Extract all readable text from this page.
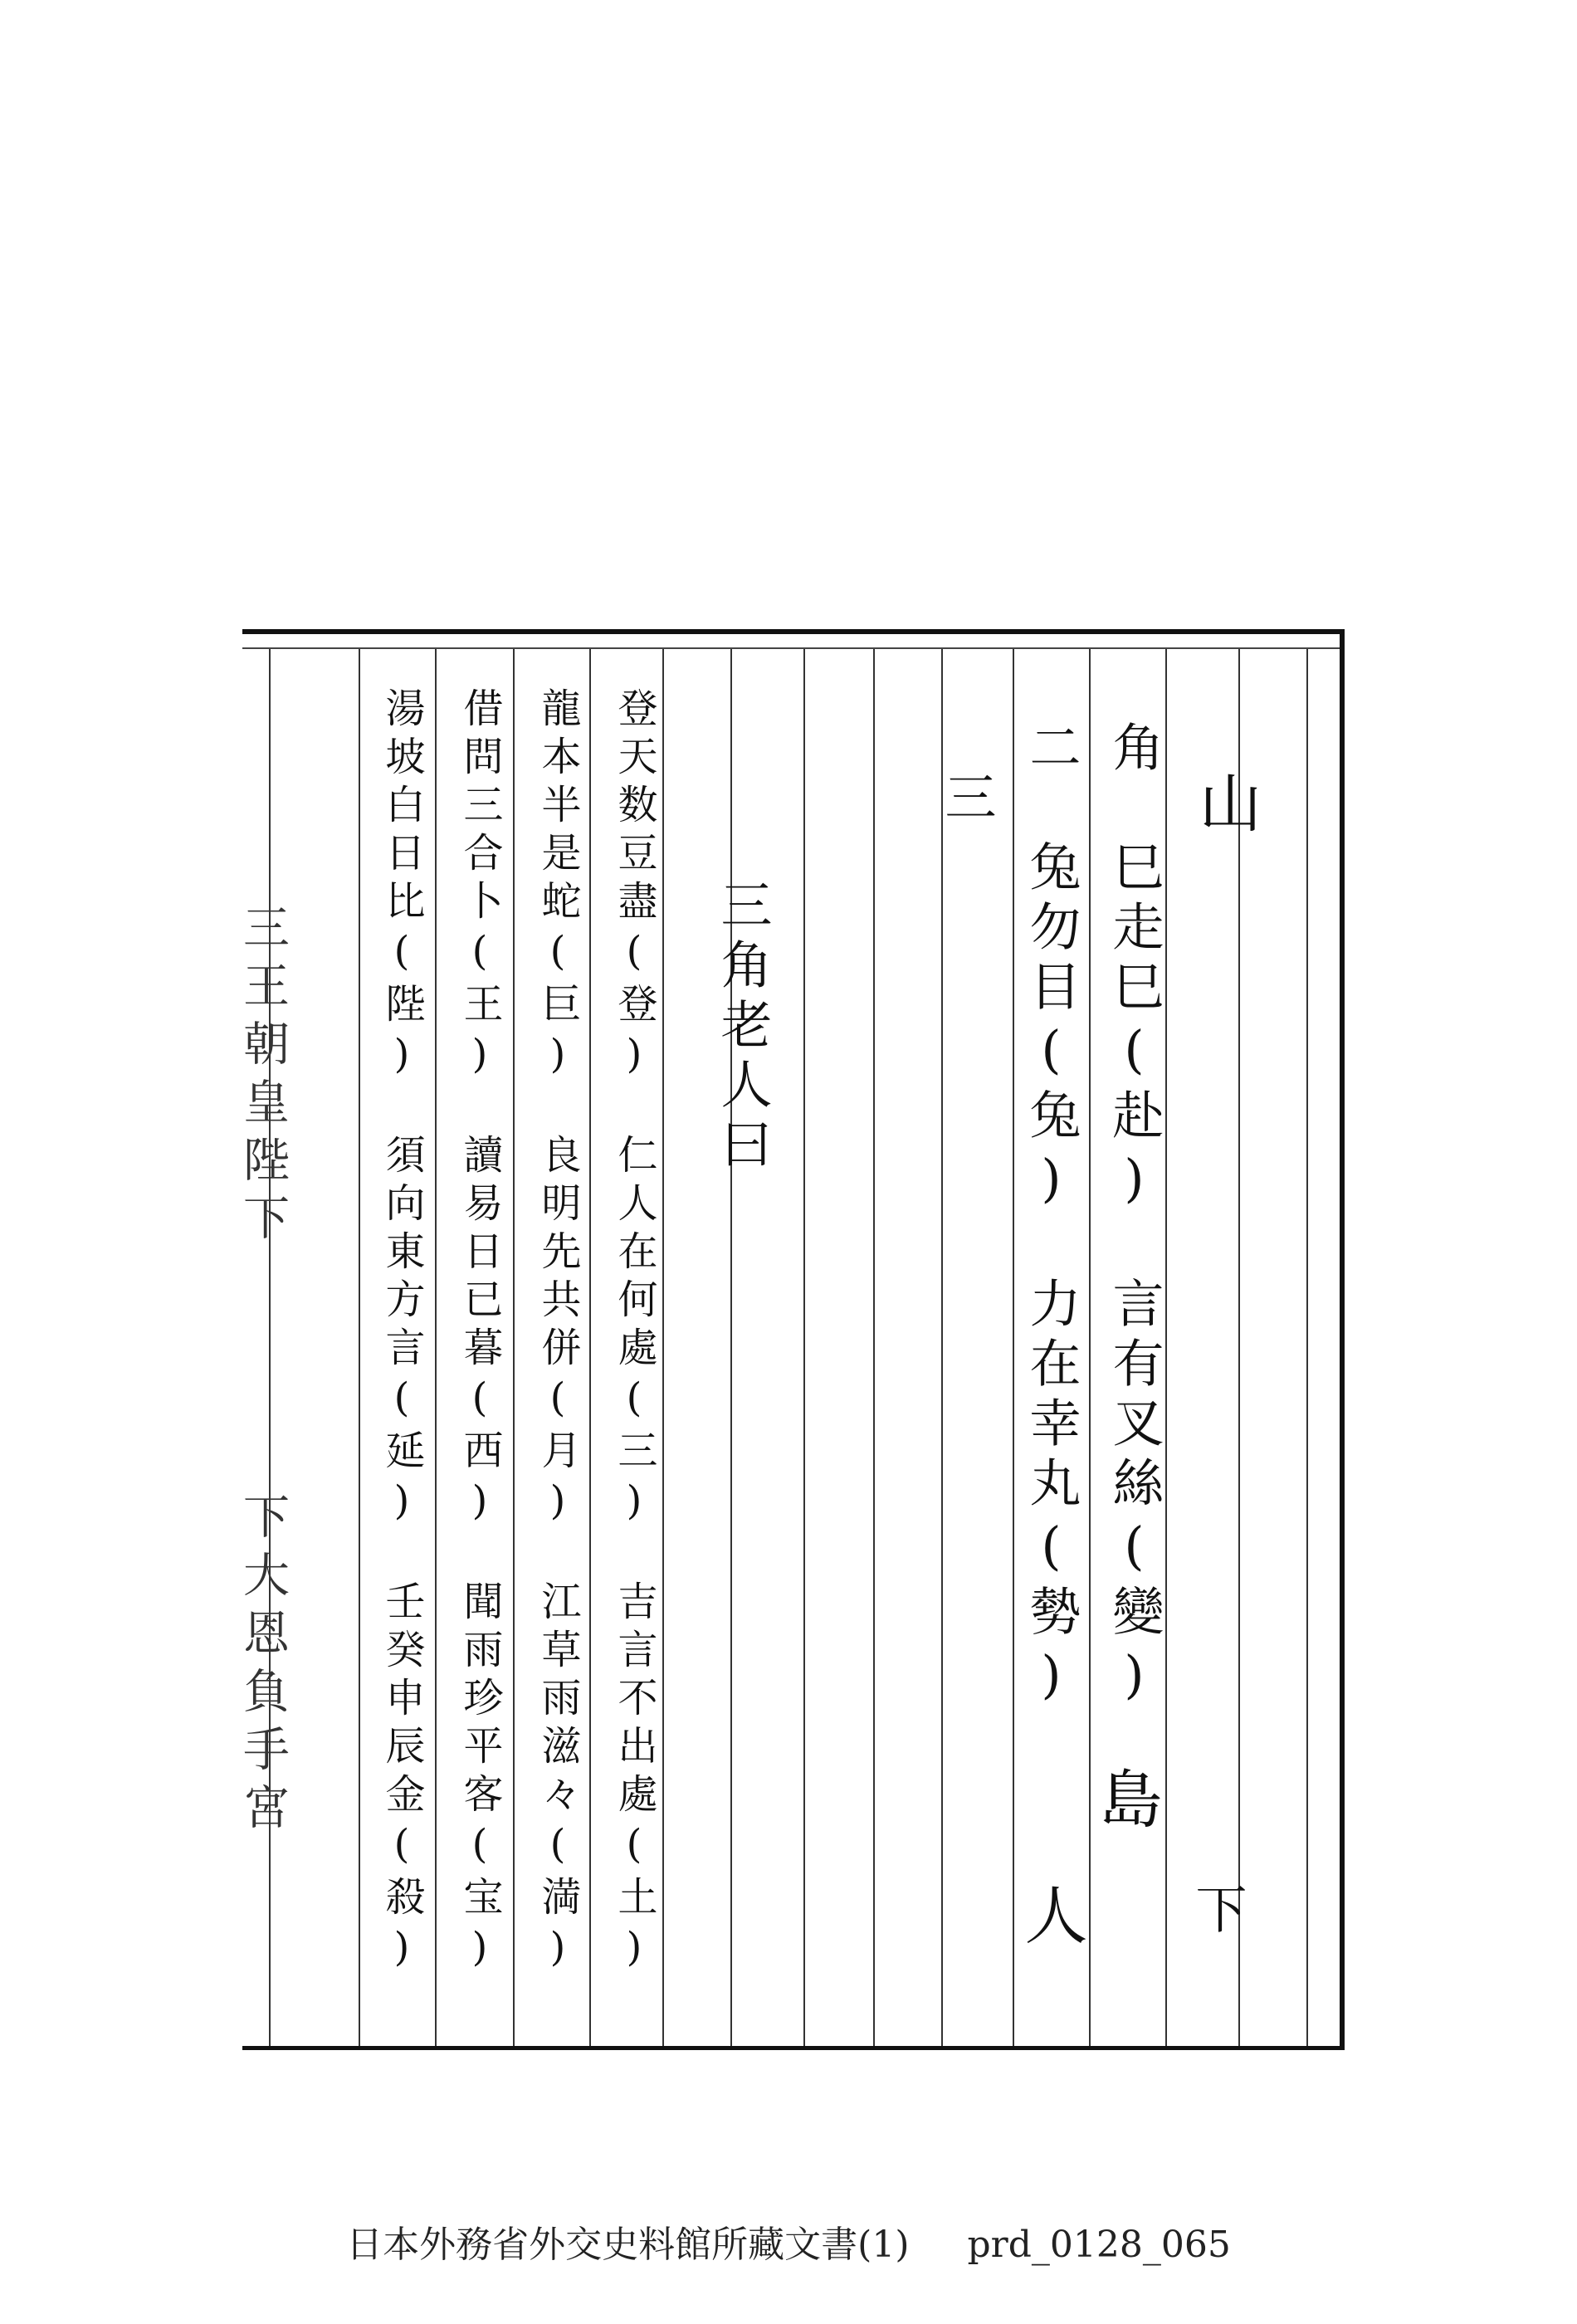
三王朝皇陛下
下大恩負手宮
山
角　巳走巳(赴)　言有叉絲(變)
二　兔勿目(兔)　力在幸丸(勢)
三
三角老人曰
登天数豆盡(登)　仁人在何處(三)　吉言不出處(土)
龍本半是蛇(巨)　良明先共併(月)　江草雨滋々(満)
借問三合卜(王)　讀易日已暮(西)　聞雨珍平客(宝)
湯坡白日比(陛)　須向東方言(延)　壬癸申辰金(殺)	下
島
人
日本外務省外交史料館所藏文書(1) prd_0128_065
